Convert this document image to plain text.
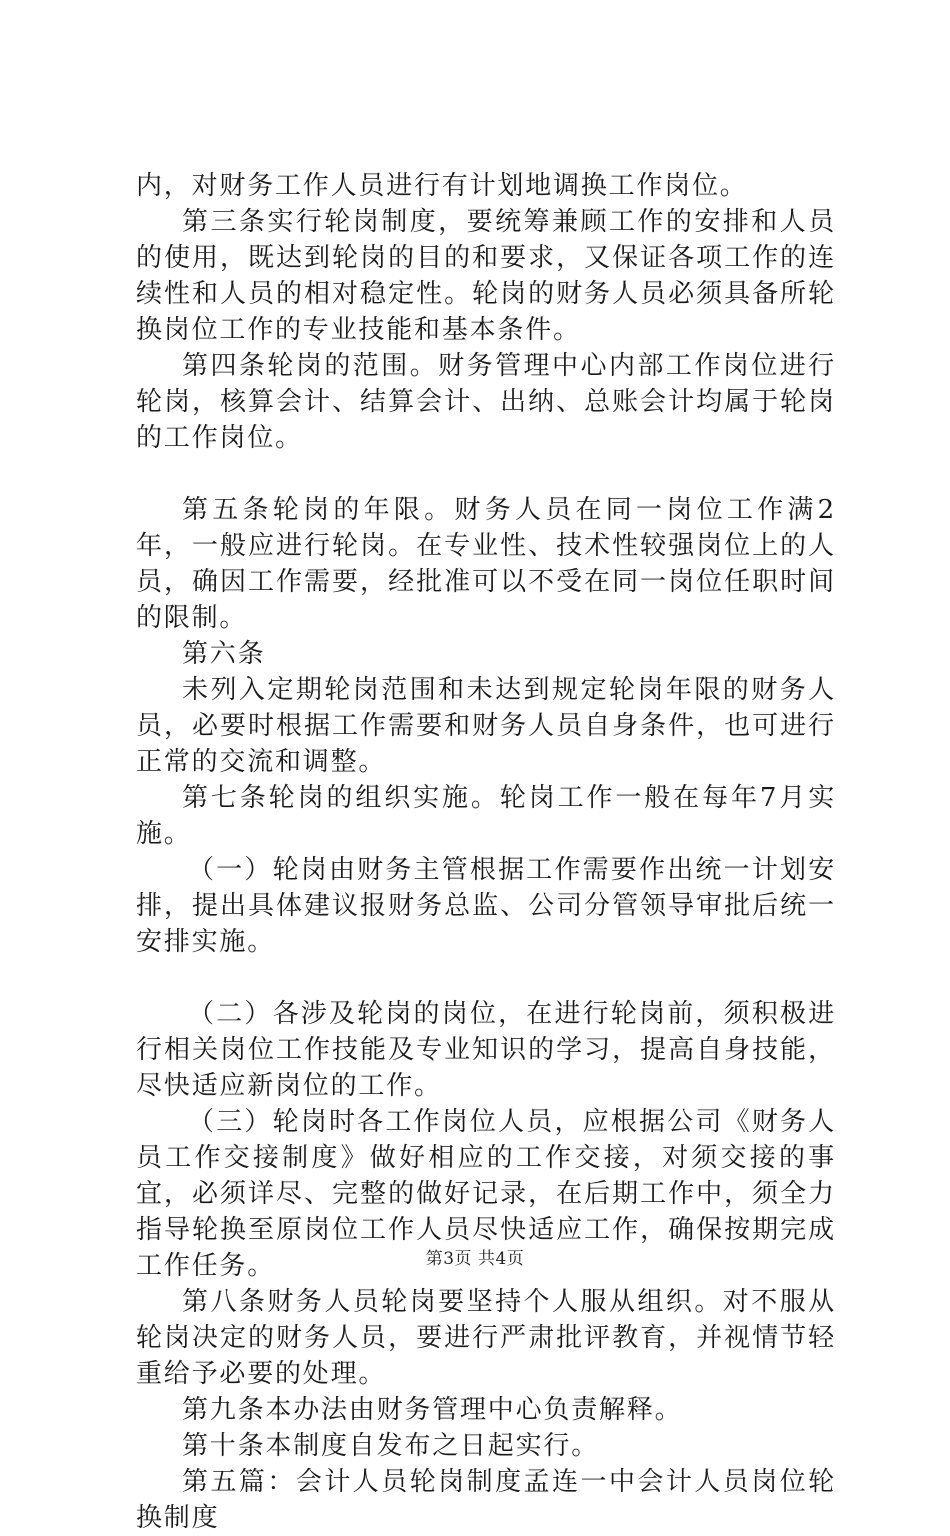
内，对财务工作人员进行有计划地调换工作岗位。

第三条实行轮岗制度，要统筹兼顾工作的安排和人员的使用，既达到轮岗的目的和要求，又保证各项工作的连续性和人员的相对稳定性。轮岗的财务人员必须具备所轮换岗位工作的专业技能和基本条件。

第四条轮岗的范围。财务管理中心内部工作岗位进行轮岗，核算会计、结算会计、出纳、总账会计均属于轮岗的工作岗位。

第五条轮岗的年限。财务人员在同一岗位工作满2年，一般应进行轮岗。在专业性、技术性较强岗位上的人员，确因工作需要，经批准可以不受在同一岗位任职时间的限制。

第六条

未列入定期轮岗范围和未达到规定轮岗年限的财务人员，必要时根据工作需要和财务人员自身条件，也可进行正常的交流和调整。

第七条轮岗的组织实施。轮岗工作一般在每年7月实施。

（一）轮岗由财务主管根据工作需要作出统一计划安排，提出具体建议报财务总监、公司分管领导审批后统一安排实施。

（二）各涉及轮岗的岗位，在进行轮岗前，须积极进行相关岗位工作技能及专业知识的学习，提高自身技能，尽快适应新岗位的工作。

（三）轮岗时各工作岗位人员，应根据公司《财务人员工作交接制度》做好相应的工作交接，对须交接的事宜，必须详尽、完整的做好记录，在后期工作中，须全力指导轮换至原岗位工作人员尽快适应工作，确保按期完成工作任务。

第八条财务人员轮岗要坚持个人服从组织。对不服从轮岗决定的财务人员，要进行严肃批评教育，并视情节轻重给予必要的处理。

第九条本办法由财务管理中心负责解释。

第十条本制度自发布之日起实行。

第五篇：会计人员轮岗制度孟连一中会计人员岗位轮换制度

第3页 共4页
